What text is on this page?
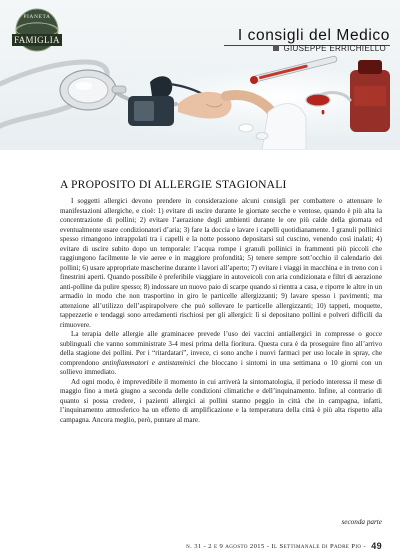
PIANETA
FAMIGLIA	I consigli del Medico
GIUSEPPE ERRICHIELLO
A PROPOSITO DI ALLERGIE STAGIONALI

I soggetti allergici devono prendere in considerazione alcuni consigli per combattere o attenuare le manifestazioni allergiche, e cioè: 1) evitare di uscire durante le giornate secche e ventose, quando è più alta la concentrazione di pollini; 2) evitare l’aerazione degli ambienti durante le ore più calde della giornata ed eventualmente usare condizionatori d’aria; 3) fare la doccia e lavare i capelli quotidianamente. I granuli pollinici spesso rimangono intrappolati tra i capelli e la notte possono depositarsi sul cuscino, venendo così inalati; 4) evitare di uscire subito dopo un temporale: l’acqua rompe i granuli pollinici in frammenti più piccoli che raggiungono facilmente le vie aeree e in maggiore profondità; 5) tenere sempre sott’occhio il calendario dei pollini; 6) usare appropriate mascherine durante i lavori all’aperto; 7) evitare i viaggi in macchina e in treno con i finestrini aperti. Quando possibile è preferibile viaggiare in autoveicoli con aria condizionata e filtri di aerazione anti-polline da pulire spesso; 8) indossare un nuovo paio di scarpe quando si rientra a casa, e riporre le altre in un armadio in modo che non trasportino in giro le particelle allergizzanti; 9) lavare spesso i pavimenti; ma attenzione all’utilizzo dell’aspirapolvere che può sollevare le particelle allergizzanti; 10) tappeti, moquette, tappezzerie e tendaggi sono arredamenti rischiosi per gli allergici: lì si depositano pollini e polveri difficili da rimuovere.

La terapia delle allergie alle graminacee prevede l’uso dei vaccini antiallergici in compresse o gocce sublinguali che vanno somministrate 3-4 mesi prima della fioritura. Questa cura è da proseguire fino all’arrivo della stagione dei pollini. Per i “ritardatari”, invece, ci sono anche i nuovi farmaci per uso locale in spray, che comprendono antinfiammatori e antistaminici che bloccano i sintomi in una settimana o 10 giorni con un sollievo immediato.

Ad ogni modo, è imprevedibile il momento in cui arriverà la sintomatologia, il periodo interessa il mese di maggio fino a metà giugno a seconda delle condizioni climatiche e dell’inquinamento. Infine, al contrario di quanto si possa credere, i pazienti allergici ai pollini stanno peggio in città che in campagna, infatti, l’inquinamento atmosferico ha un effetto di amplificazione e la temperatura della città è più alta rispetto alla campagna. Ancora meglio, però, puntare al mare.

seconda parte
n. 31 - 2 e 9 agosto 2015 - Il Settimanale di Padre Pio - 49
